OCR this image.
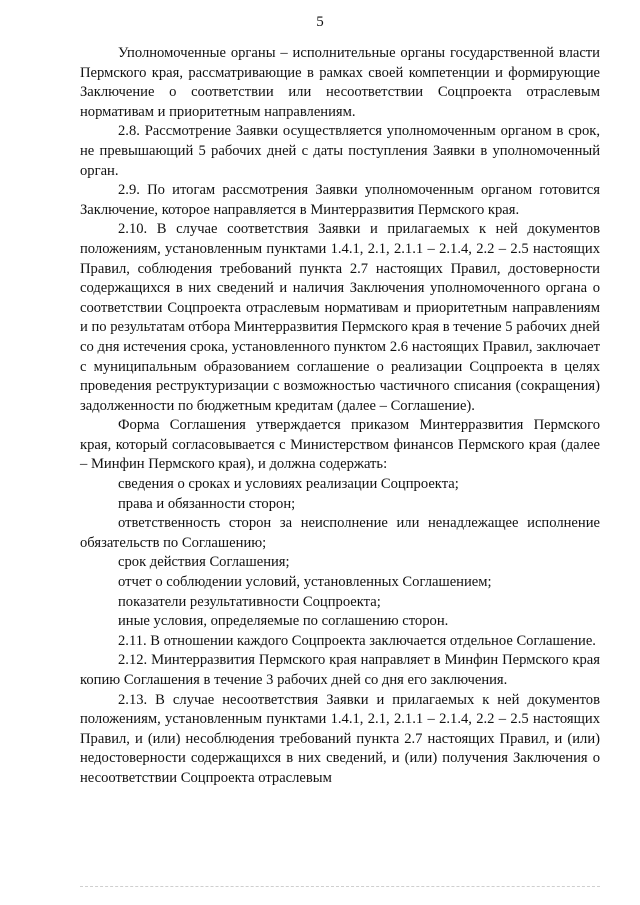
5

Уполномоченные органы – исполнительные органы государственной власти Пермского края, рассматривающие в рамках своей компетенции и формирующие Заключение о соответствии или несоответствии Соцпроекта отраслевым нормативам и приоритетным направлениям.

2.8. Рассмотрение Заявки осуществляется уполномоченным органом в срок, не превышающий 5 рабочих дней с даты поступления Заявки в уполномоченный орган.

2.9. По итогам рассмотрения Заявки уполномоченным органом готовится Заключение, которое направляется в Минтерразвития Пермского края.

2.10. В случае соответствия Заявки и прилагаемых к ней документов положениям, установленным пунктами 1.4.1, 2.1, 2.1.1 – 2.1.4, 2.2 – 2.5 настоящих Правил, соблюдения требований пункта 2.7 настоящих Правил, достоверности содержащихся в них сведений и наличия Заключения уполномоченного органа о соответствии Соцпроекта отраслевым нормативам и приоритетным направлениям и по результатам отбора Минтерразвития Пермского края в течение 5 рабочих дней со дня истечения срока, установленного пунктом 2.6 настоящих Правил, заключает с муниципальным образованием соглашение о реализации Соцпроекта в целях проведения реструктуризации с возможностью частичного списания (сокращения) задолженности по бюджетным кредитам (далее – Соглашение).

Форма Соглашения утверждается приказом Минтерразвития Пермского края, который согласовывается с Министерством финансов Пермского края (далее – Минфин Пермского края), и должна содержать:

сведения о сроках и условиях реализации Соцпроекта;

права и обязанности сторон;

ответственность сторон за неисполнение или ненадлежащее исполнение обязательств по Соглашению;

срок действия Соглашения;

отчет о соблюдении условий, установленных Соглашением;

показатели результативности Соцпроекта;

иные условия, определяемые по соглашению сторон.

2.11. В отношении каждого Соцпроекта заключается отдельное Соглашение.

2.12. Минтерразвития Пермского края направляет в Минфин Пермского края копию Соглашения в течение 3 рабочих дней со дня его заключения.

2.13. В случае несоответствия Заявки и прилагаемых к ней документов положениям, установленным пунктами 1.4.1, 2.1, 2.1.1 – 2.1.4, 2.2 – 2.5 настоящих Правил, и (или) несоблюдения требований пункта 2.7 настоящих Правил, и (или) недостоверности содержащихся в них сведений, и (или) получения Заключения о несоответствии Соцпроекта отраслевым
